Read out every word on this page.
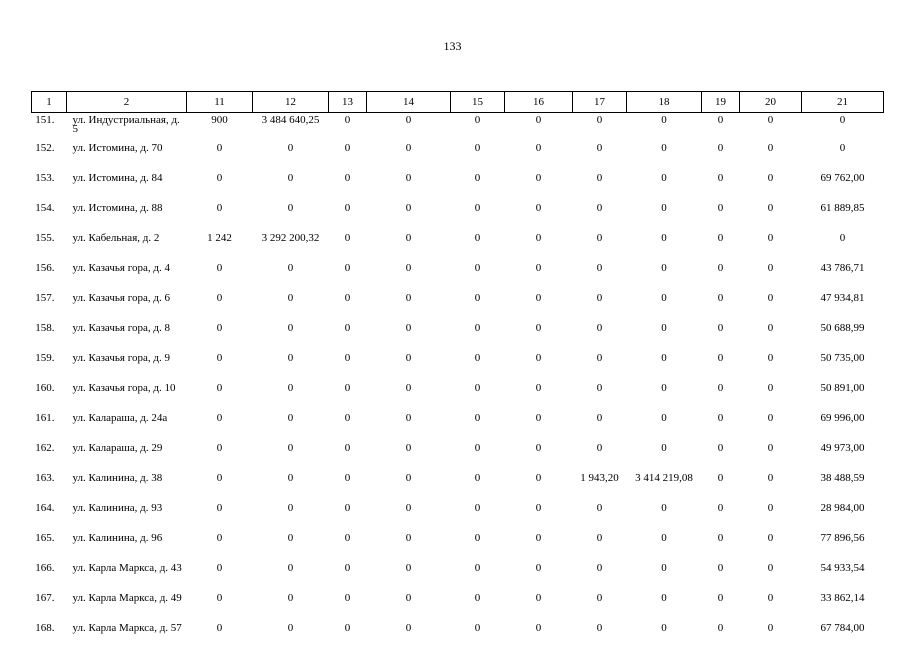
133
1	2	11	12	13	14	15	16	17	18	19	20	21
151.	ул. Индустриальная, д. 5	900	3 484 640,25	0	0	0	0	0	0	0	0	0
152.	ул. Истомина, д. 70	0	0	0	0	0	0	0	0	0	0	0
153.	ул. Истомина, д. 84	0	0	0	0	0	0	0	0	0	0	69 762,00
154.	ул. Истомина, д. 88	0	0	0	0	0	0	0	0	0	0	61 889,85
155.	ул. Кабельная, д. 2	1 242	3 292 200,32	0	0	0	0	0	0	0	0	0
156.	ул. Казачья гора, д. 4	0	0	0	0	0	0	0	0	0	0	43 786,71
157.	ул. Казачья гора, д. 6	0	0	0	0	0	0	0	0	0	0	47 934,81
158.	ул. Казачья гора, д. 8	0	0	0	0	0	0	0	0	0	0	50 688,99
159.	ул. Казачья гора, д. 9	0	0	0	0	0	0	0	0	0	0	50 735,00
160.	ул. Казачья гора, д. 10	0	0	0	0	0	0	0	0	0	0	50 891,00
161.	ул. Калараша, д. 24а	0	0	0	0	0	0	0	0	0	0	69 996,00
162.	ул. Калараша, д. 29	0	0	0	0	0	0	0	0	0	0	49 973,00
163.	ул. Калинина, д. 38	0	0	0	0	0	0	1 943,20	3 414 219,08	0	0	38 488,59
164.	ул. Калинина, д. 93	0	0	0	0	0	0	0	0	0	0	28 984,00
165.	ул. Калинина, д. 96	0	0	0	0	0	0	0	0	0	0	77 896,56
166.	ул. Карла Маркса, д. 43	0	0	0	0	0	0	0	0	0	0	54 933,54
167.	ул. Карла Маркса, д. 49	0	0	0	0	0	0	0	0	0	0	33 862,14
168.	ул. Карла Маркса, д. 57	0	0	0	0	0	0	0	0	0	0	67 784,00
